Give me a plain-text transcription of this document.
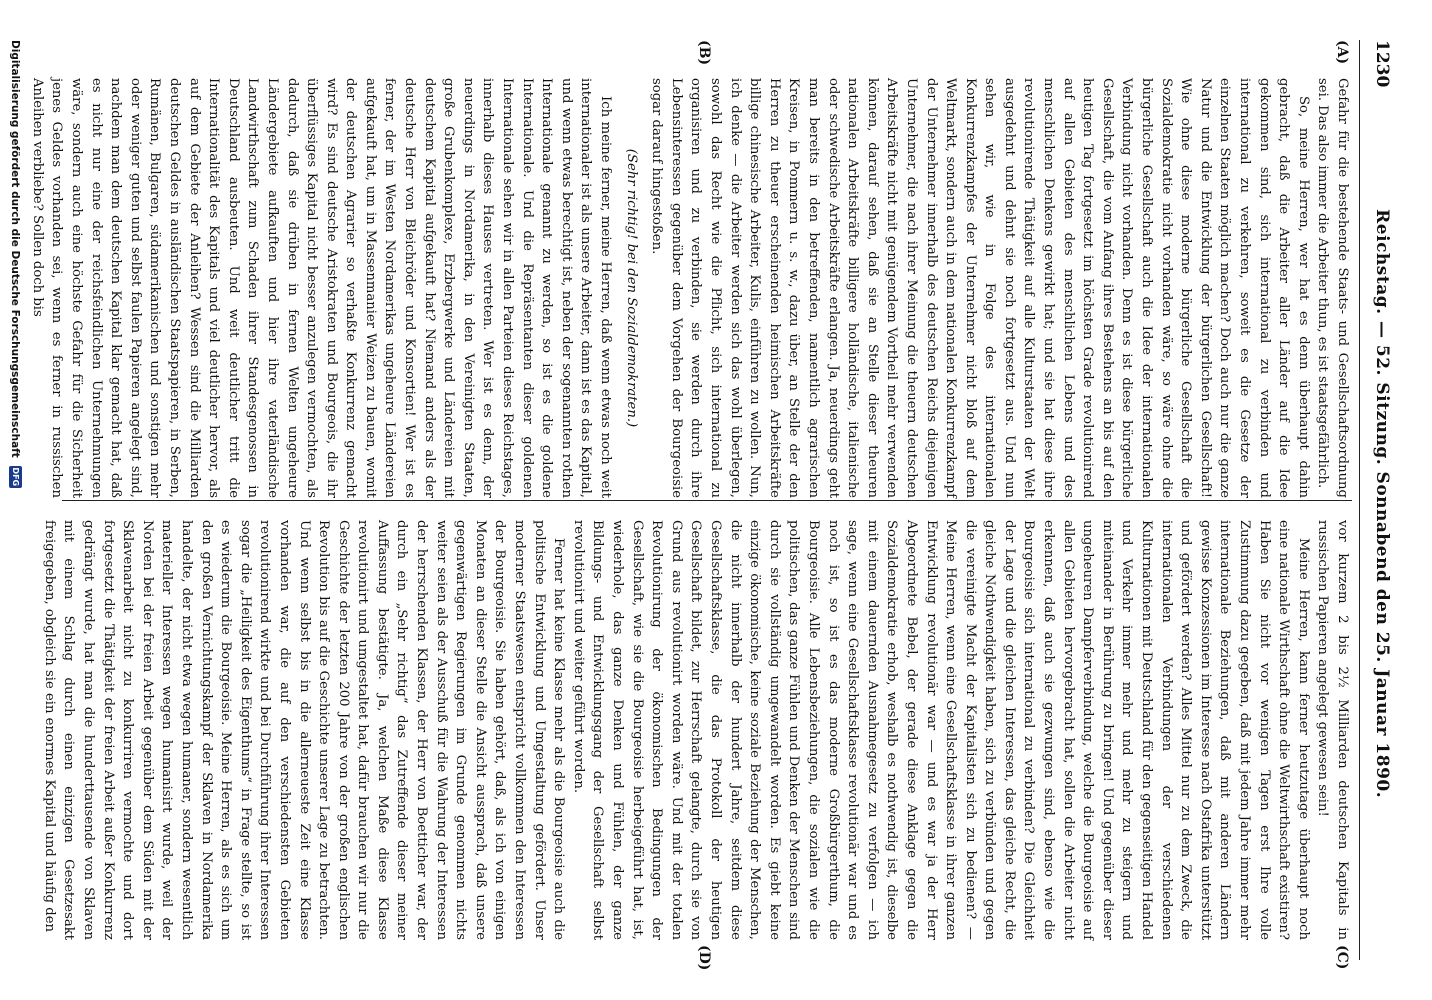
1230
Reichstag. — 52. Sitzung. Sonnabend den 25. Januar 1890.
(A)
(B)
(C)
(D)

Gefahr für die bestehende Staats- und Gesellschaftsordnung sei. Das also immer die Arbeiter thun, es ist staatsgefährlich.

So, meine Herren, wer hat es denn überhaupt dahin gebracht, daß die Arbeiter aller Länder auf die Idee gekommen sind, sich international zu verbinden und international zu verkehren, soweit es die Gesetze der einzelnen Staaten möglich machen? Doch auch nur die ganze Natur und die Entwicklung der bürgerlichen Gesellschaft! Wie ohne diese moderne bürgerliche Gesellschaft die Sozialdemokratie nicht vorhanden wäre, so wäre ohne die bürgerliche Gesellschaft auch die Idee der internationalen Verbindung nicht vorhanden. Denn es ist diese bürgerliche Gesellschaft, die vom Anfang ihres Bestehens an bis auf den heutigen Tag fortgesetzt im höchsten Grade revolutionirend auf allen Gebieten des menschlichen Lebens und des menschlichen Denkens gewirkt hat; und sie hat diese ihre revolutionirende Thätigkeit auf alle Kulturstaaten der Welt ausgedehnt und dehnt sie noch fortgesetzt aus. Und nun sehen wir, wie in Folge des internationalen Konkurrenzkampfes der Unternehmer nicht bloß auf dem Weltmarkt, sondern auch in dem nationalen Konkurrenzkampf der Unternehmer innerhalb des deutschen Reichs diejenigen Unternehmer, die nach ihrer Meinung die theuern deutschen Arbeitskräfte nicht mit genügendem Vortheil mehr verwenden können, darauf sehen, daß sie an Stelle dieser theuren nationalen Arbeitskräfte billigere holländische, italienische oder schwedische Arbeitskräfte erlangen. Ja, neuerdings geht man bereits in den betreffenden, namentlich agrarischen Kreisen, in Pommern u. s. w., dazu über, an Stelle der den Herren zu theuer erscheinenden heimischen Arbeitskräfte billige chinesische Arbeiter, Kulis, einführen zu wollen. Nun, ich denke — die Arbeiter werden sich das wohl überlegen, sowohl das Recht wie die Pflicht, sich international zu organisiren und zu verbinden, sie werden durch ihre Lebensinteressen gegenüber dem Vorgehen der Bourgeoisie sogar darauf hingestoßen.

(Sehr richtig! bei den Sozialdemokraten.)

Ich meine ferner, meine Herren, daß wenn etwas noch weit internationaler ist als unsere Arbeiter, dann ist es das Kapital, und wenn etwas berechtigt ist, neben der sogenannten rothen Internationale genannt zu werden, so ist es die goldene Internationale. Und die Repräsentanten dieser goldenen Internationale sehen wir in allen Parteien dieses Reichstages, innerhalb dieses Hauses vertreten. Wer ist es denn, der neuerdings in Nordamerika, in den Vereinigten Staaten, große Grubenkomplexe, Erzbergwerke und Ländereien mit deutschem Kapital aufgekauft hat? Niemand anders als der deutsche Herr von Bleichröder und Konsortien! Wer ist es ferner, der im Westen Nordamerikas ungeheure Ländereien aufgekauft hat, um in Massenmanier Weizen zu bauen, womit der deutschen Agrarier so verhaßte Konkurrenz gemacht wird? Es sind deutsche Aristokraten und Bourgeois, die ihr überflüssiges Kapital nicht besser anzulegen vermochten, als dadurch, daß sie drüben in fernen Welten ungeheure Ländergebiete aufkauften und hier ihre vaterländische Landwirthschaft zum Schaden ihrer Standesgenossen in Deutschland ausbeuten. Und weit deutlicher tritt die Internationalität des Kapitals und viel deutlicher hervor, als auf dem Gebiete der Anleihen? Wessen sind die Milliarden deutschen Geldes in ausländischen Staatspapieren, in Serben, Rumänen, Bulgaren, südamerikanischen und sonstigen mehr oder weniger guten und selbst faulen Papieren angelegt sind, nachdem man dem deutschen Kapital klar gemacht hat, daß es nicht nur eine der reichsfeindlichen Unternehmungen wäre, sondern auch eine höchste Gefahr für die Sicherheit jenes Geldes vorhanden sei, wenn es ferner in russischen Anleihen verbliebe? Sollen doch bis

vor kurzem 2 bis 2½ Milliarden deutschen Kapitals in russischen Papieren angelegt gewesen sein!

Meine Herren, kann ferner heutzutage überhaupt noch eine nationale Wirthschaft ohne die Weltwirthschaft existiren? Haben Sie nicht vor wenigen Tagen erst Ihre volle Zustimmung dazu gegeben, daß mit jedem Jahre immer mehr internationale Beziehungen, daß mit anderen Ländern gewisse Konzessionen im Interesse nach Ostafrika unterstützt und gefördert werden? Alles Mittel nur zu dem Zweck, die internationalen Verbindungen der verschiedenen Kulturnationen mit Deutschland für den gegenseitigen Handel und Verkehr immer mehr und mehr zu steigern und miteinander in Berührung zu bringen! Und gegenüber dieser ungeheuren Dampferverbindung, welche die Bourgeoisie auf allen Gebieten hervorgebracht hat, sollen die Arbeiter nicht erkennen, daß auch sie gezwungen sind, ebenso wie die Bourgeoisie sich international zu verbinden? Die Gleichheit der Lage und die gleichen Interessen, das gleiche Recht, die gleiche Nothwendigkeit haben, sich zu verbünden und gegen die vereinigte Macht der Kapitalisten sich zu bedienen? — Meine Herren, wenn eine Gesellschaftsklasse in ihrer ganzen Entwicklung revolutionär war — und es war ja der Herr Abgeordnete Bebel, der gerade diese Anklage gegen die Sozialdemokratie erhob, weshalb es nothwendig ist, dieselbe mit einem dauernden Ausnahmegesetz zu verfolgen — ich sage, wenn eine Gesellschaftsklasse revolutionär war und es noch ist, so ist es das moderne Großbürgerthum, die Bourgeoisie. Alle Lebensbeziehungen, die sozialen wie die politischen, das ganze Fühlen und Denken der Menschen sind durch sie vollständig umgewandelt worden. Es giebt keine einzige ökonomische, keine soziale Beziehung der Menschen, die nicht innerhalb der hundert Jahre, seitdem diese Gesellschaftsklasse, die das Protokoll der heutigen Gesellschaft bildet, zur Herrschaft gelangte, durch sie von Grund aus revolutionirt worden wäre. Und mit der totalen Revolutionirung der ökonomischen Bedingungen der Gesellschaft, wie sie die Bourgeoisie herbeigeführt hat, ist, wiederhole, das ganze Denken und Fühlen, der ganze Bildungs- und Entwicklungsgang der Gesellschaft selbst revolutionirt und weiter geführt worden.

Ferner hat keine Klasse mehr als die Bourgeoisie auch die politische Entwicklung und Umgestaltung gefördert. Unser moderner Staatswesen entspricht vollkommen den Interessen der Bourgeoisie. Sie haben gehört, daß, als ich von einigen Monaten an dieser Stelle die Ansicht aussprach, daß unsere gegenwärtigen Regierungen im Grunde genommen nichts weiter seien als der Ausschuß für die Wahrung der Interessen der herrschenden Klassen, der Herr von Boetticher war, der durch ein „Sehr richtig“ das Zutreffende dieser meiner Auffassung bestätigte. Ja, welchen Maße diese Klasse revolutionirt und umgestaltet hat, dafür brauchen wir nur die Geschichte der letzten 200 Jahre von der großen englischen Revolution bis auf die Geschichte unserer Lage zu betrachten. Und wenn selbst bis in die allerneueste Zeit eine Klasse vorhanden war, die auf den verschiedensten Gebieten revolutionirend wirkte und bei Durchführung ihrer Interessen sogar die „Heiligkeit des Eigenthums“ in Frage stellte, so ist es wiederum die Bourgeoisie. Meine Herren, als es sich um den großen Vernichtungskampf der Sklaven in Nordamerika handelte, der nicht etwa wegen humaner, sondern wesentlich materieller Interessen wegen humanisirt wurde, weil der Norden bei der freien Arbeit gegenüber dem Süden mit der Sklavenarbeit nicht zu konkurriren vermochte und dort fortgesetzt die Thätigkeit der freien Arbeit außer Konkurrenz gedrängt wurde, hat man die hunderttausende von Sklaven mit einem Schlag durch einen einzigen Gesetzesakt freigegeben, obgleich sie ein enormes Kapital und häufig den

Digitalisierung gefördert durch die Deutsche Forschungsgemeinschaft
DFG
